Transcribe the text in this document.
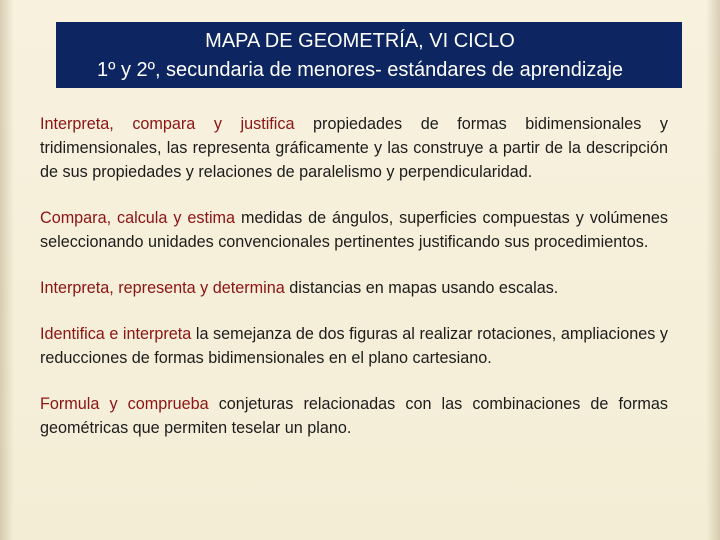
MAPA DE GEOMETRÍA, VI CICLO
1º y 2º, secundaria de menores- estándares de aprendizaje

Interpreta, compara y justifica propiedades de formas bidimensionales y tridimensionales, las representa gráficamente y las construye a partir de la descripción de sus propiedades y relaciones de paralelismo y perpendicularidad.

Compara, calcula y estima medidas de ángulos, superficies compuestas y volúmenes seleccionando unidades convencionales pertinentes justificando sus procedimientos.

Interpreta, representa y determina distancias en mapas usando escalas.

Identifica e interpreta la semejanza de dos figuras al realizar rotaciones, ampliaciones y reducciones de formas bidimensionales en el plano cartesiano.

Formula y comprueba conjeturas relacionadas con las combinaciones de formas geométricas que permiten teselar un plano.
